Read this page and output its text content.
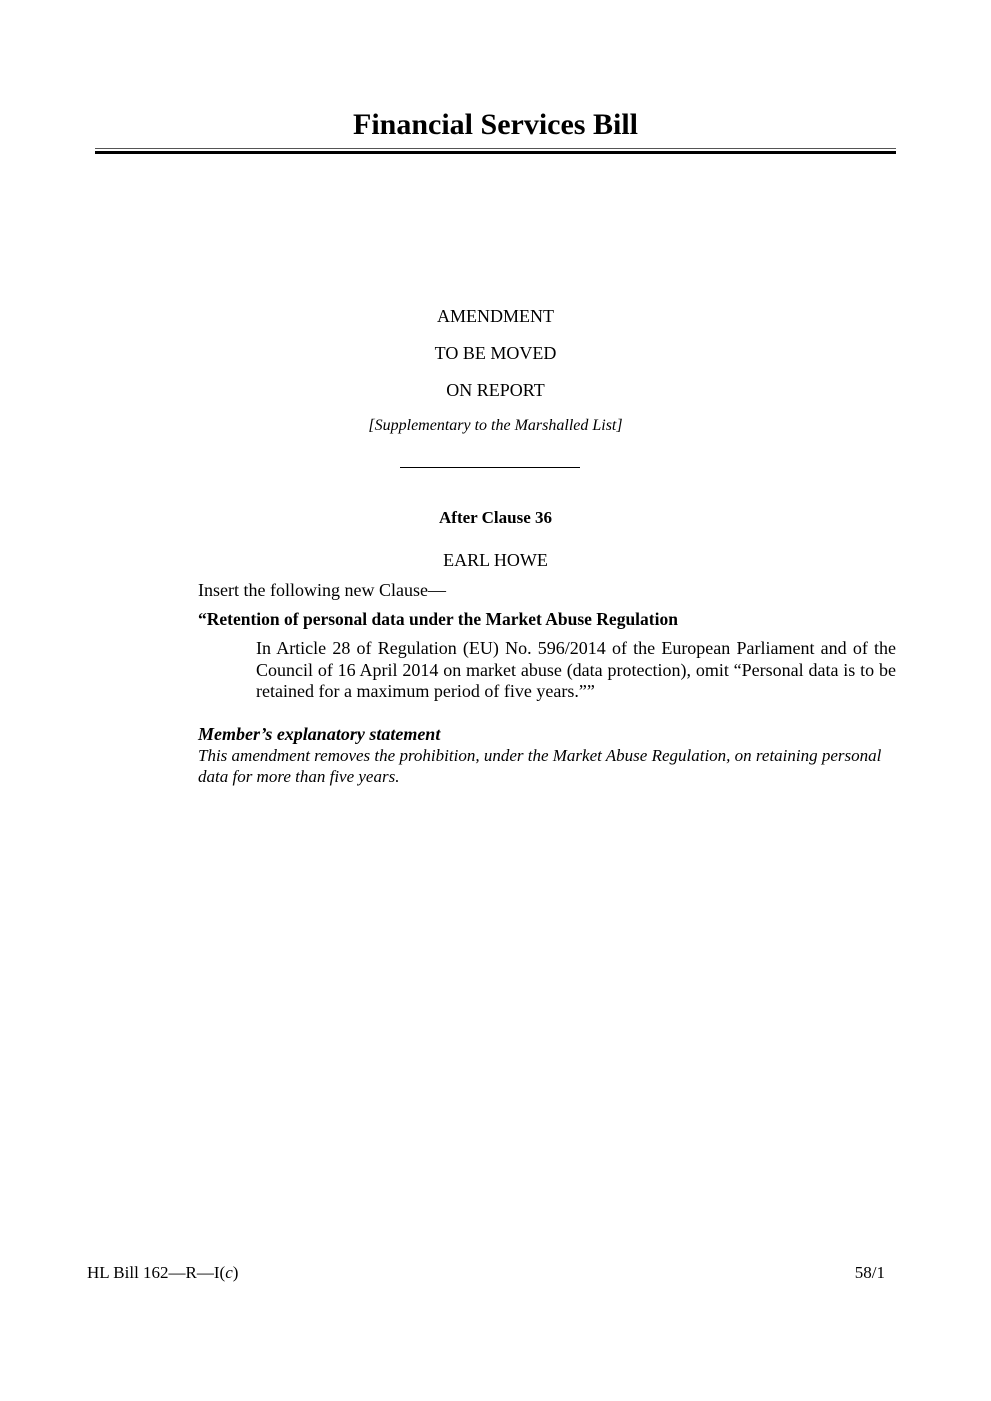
Financial Services Bill
AMENDMENT
TO BE MOVED
ON REPORT
[Supplementary to the Marshalled List]
After Clause 36
EARL HOWE
Insert the following new Clause—
“Retention of personal data under the Market Abuse Regulation
In Article 28 of Regulation (EU) No. 596/2014 of the European Parliament and of the Council of 16 April 2014 on market abuse (data protection), omit “Personal data is to be retained for a maximum period of five years.””
Member’s explanatory statement
This amendment removes the prohibition, under the Market Abuse Regulation, on retaining personal data for more than five years.
HL Bill 162—R—I(c)	58/1
